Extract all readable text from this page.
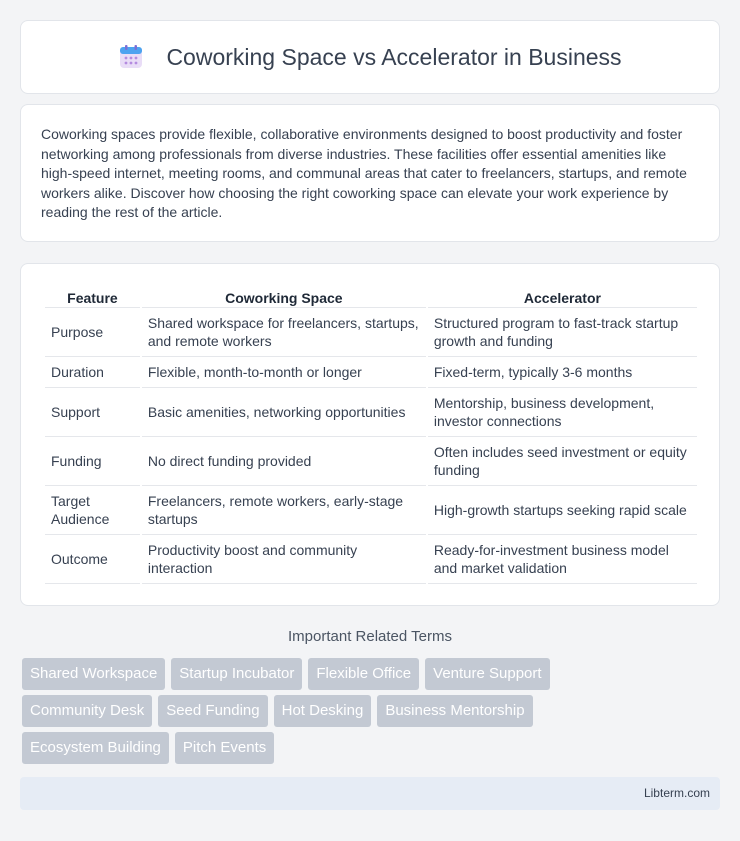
Coworking Space vs Accelerator in Business

Coworking spaces provide flexible, collaborative environments designed to boost productivity and foster networking among professionals from diverse industries. These facilities offer essential amenities like high-speed internet, meeting rooms, and communal areas that cater to freelancers, startups, and remote workers alike. Discover how choosing the right coworking space can elevate your work experience by reading the rest of the article.

Feature	Coworking Space	Accelerator
Purpose	Shared workspace for freelancers, startups, and remote workers	Structured program to fast-track startup growth and funding
Duration	Flexible, month-to-month or longer	Fixed-term, typically 3-6 months
Support	Basic amenities, networking opportunities	Mentorship, business development, investor connections
Funding	No direct funding provided	Often includes seed investment or equity funding
Target Audience	Freelancers, remote workers, early-stage startups	High-growth startups seeking rapid scale
Outcome	Productivity boost and community interaction	Ready-for-investment business model and market validation
Important Related Terms
Shared Workspace	Startup Incubator	Flexible Office	Venture Support
Community Desk	Seed Funding	Hot Desking	Business Mentorship
Ecosystem Building	Pitch Events
Libterm.com
